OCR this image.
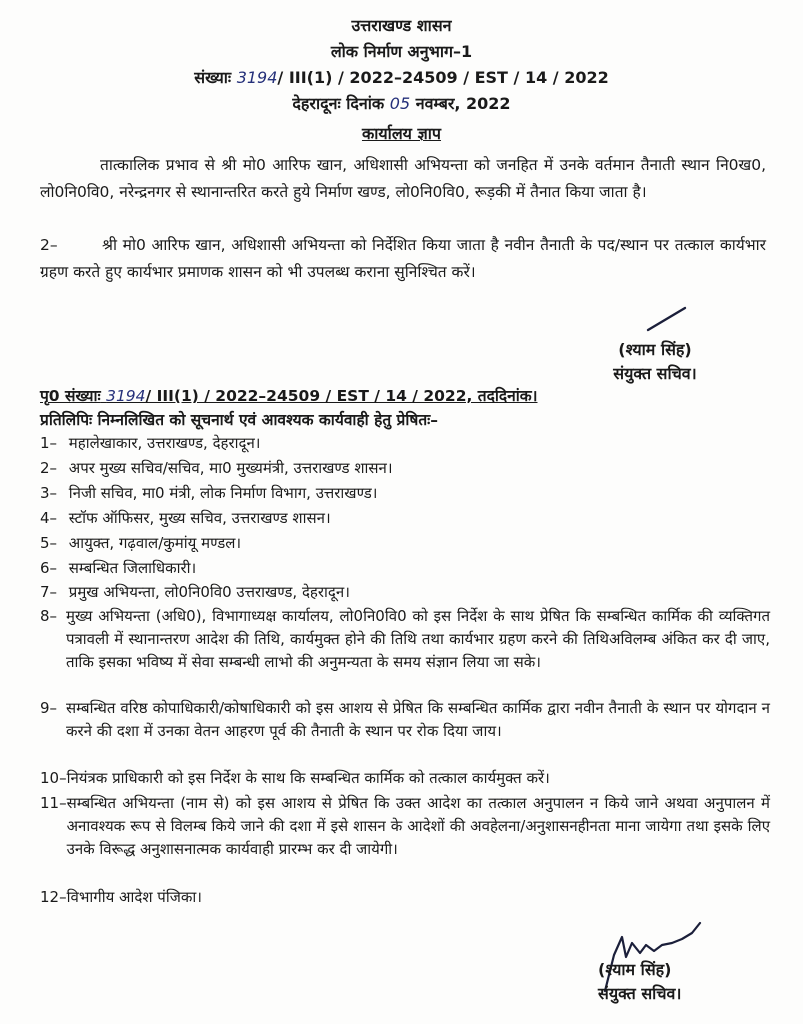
उत्तराखण्ड शासन
लोक निर्माण अनुभाग–1
संख्याः 3194/ III(1) / 2022–24509 / EST / 14 / 2022
देहरादूनः दिनांक 05 नवम्बर, 2022
कार्यालय ज्ञाप
तात्कालिक प्रभाव से श्री मो0 आरिफ खान, अधिशासी अभियन्ता को जनहित में उनके वर्तमान तैनाती स्थान नि0ख0, लो0नि0वि0, नरेन्द्रनगर से स्थानान्तरित करते हुये निर्माण खण्ड, लो0नि0वि0, रूड़की में तैनात किया जाता है।
2–	श्री मो0 आरिफ खान, अधिशासी अभियन्ता को निर्देशित किया जाता है नवीन तैनाती के पद/स्थान पर तत्काल कार्यभार ग्रहण करते हुए कार्यभार प्रमाणक शासन को भी उपलब्ध कराना सुनिश्चित करें।
(श्याम सिंह)
संयुक्त सचिव।
पृ0 संख्याः 3194/ III(1) / 2022–24509 / EST / 14 / 2022, तददिनांक।
प्रतिलिपिः निम्नलिखित को सूचनार्थ एवं आवश्यक कार्यवाही हेतु प्रेषितः–
1– महालेखाकार, उत्तराखण्ड, देहरादून।
2– अपर मुख्य सचिव/सचिव, मा0 मुख्यमंत्री, उत्तराखण्ड शासन।
3– निजी सचिव, मा0 मंत्री, लोक निर्माण विभाग, उत्तराखण्ड।
4– स्टॉफ ऑफिसर, मुख्य सचिव, उत्तराखण्ड शासन।
5– आयुक्त, गढ़वाल/कुमांयू मण्डल।
6– सम्बन्धित जिलाधिकारी।
7– प्रमुख अभियन्ता, लो0नि0वि0 उत्तराखण्ड, देहरादून।
8– मुख्य अभियन्ता (अधि0), विभागाध्यक्ष कार्यालय, लो0नि0वि0 को इस निर्देश के साथ प्रेषित कि सम्बन्धित कार्मिक की व्यक्तिगत पत्रावली में स्थानान्तरण आदेश की तिथि, कार्यमुक्त होने की तिथि तथा कार्यभार ग्रहण करने की तिथिअविलम्ब अंकित कर दी जाए, ताकि इसका भविष्य में सेवा सम्बन्धी लाभो की अनुमन्यता के समय संज्ञान लिया जा सके।
9– सम्बन्धित वरिष्ठ कोपाधिकारी/कोषाधिकारी को इस आशय से प्रेषित कि सम्बन्धित कार्मिक द्वारा नवीन तैनाती के स्थान पर योगदान न करने की दशा में उनका वेतन आहरण पूर्व की तैनाती के स्थान पर रोक दिया जाय।
10–नियंत्रक प्राधिकारी को इस निर्देश के साथ कि सम्बन्धित कार्मिक को तत्काल कार्यमुक्त करें।
11– सम्बन्धित अभियन्ता (नाम से) को इस आशय से प्रेषित कि उक्त आदेश का तत्काल अनुपालन न किये जाने अथवा अनुपालन में अनावश्यक रूप से विलम्ब किये जाने की दशा में इसे शासन के आदेशों की अवहेलना/अनुशासनहीनता माना जायेगा तथा इसके लिए उनके विरूद्ध अनुशासनात्मक कार्यवाही प्रारम्भ कर दी जायेगी।
12–विभागीय आदेश पंजिका।
(श्याम सिंह)
संयुक्त सचिव।
